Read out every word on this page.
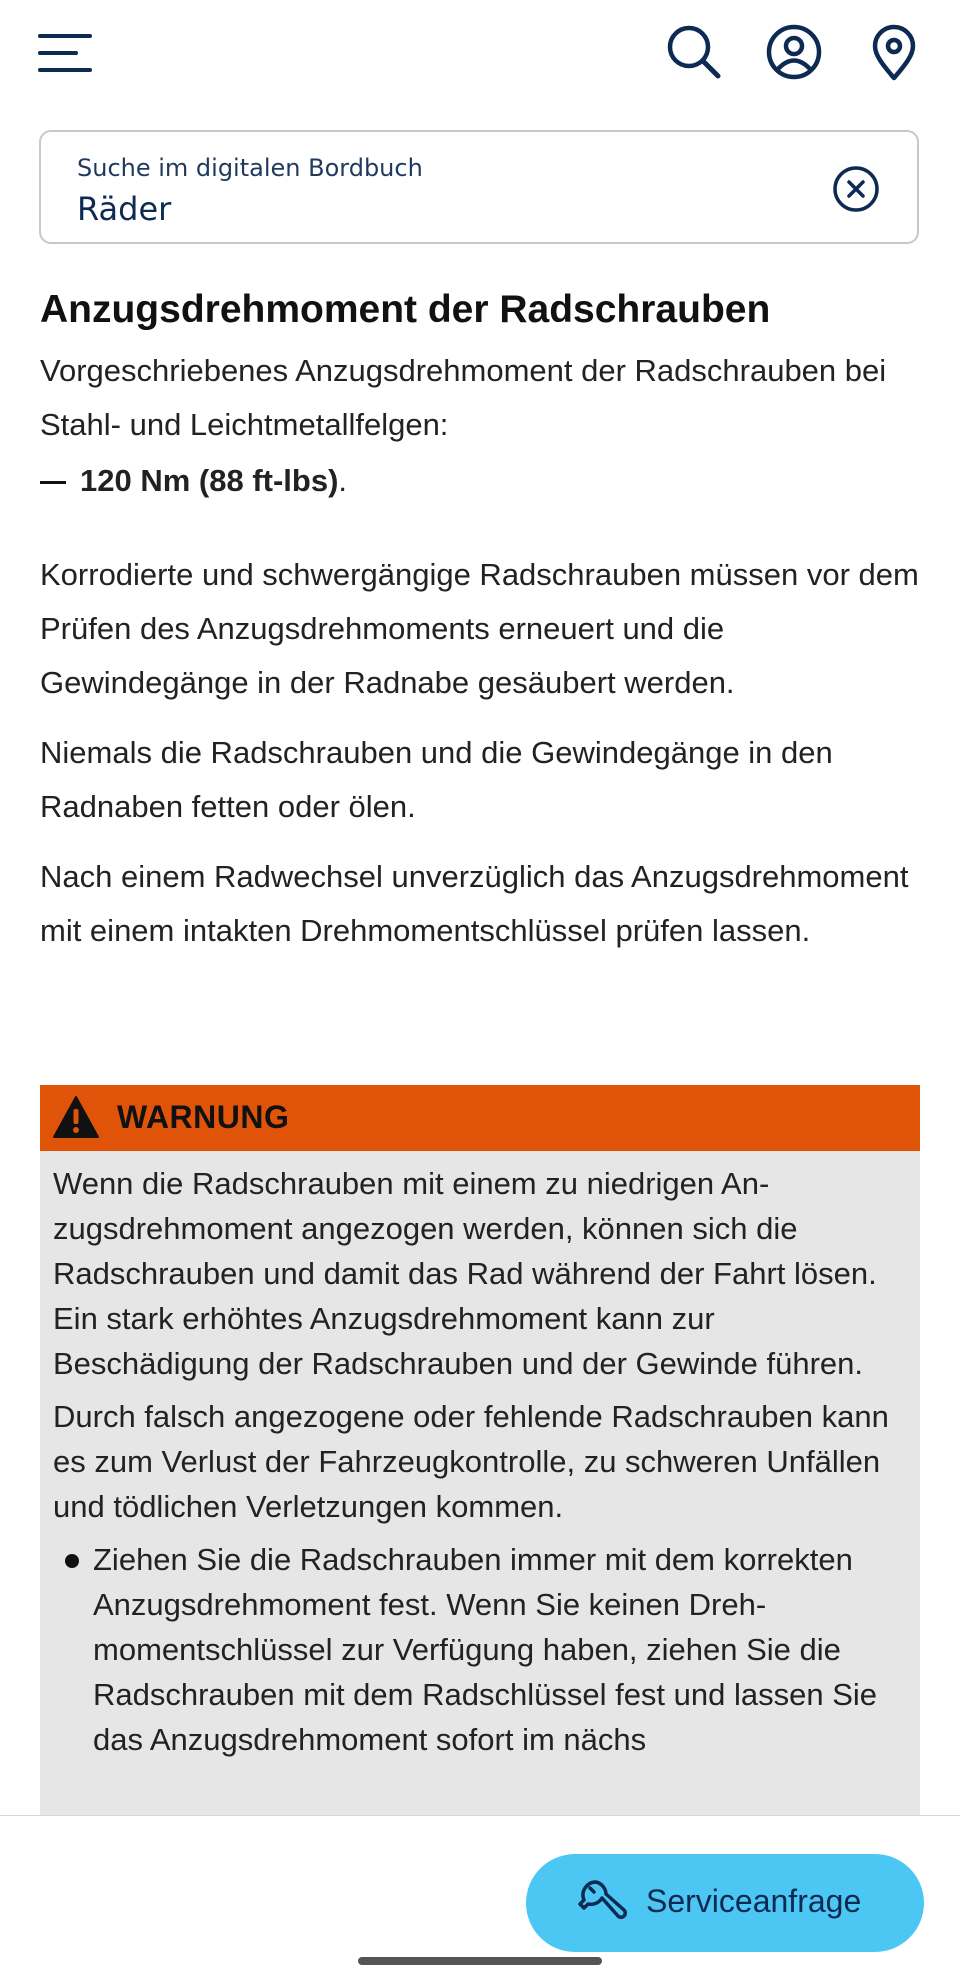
Suche im digitalen Bordbuch
Räder
Anzugsdrehmoment der Radschrauben

Vorgeschriebenes Anzugsdrehmoment der Radschrauben bei Stahl- und Leichtmetallfelgen:

120 Nm (88 ft-lbs).

Korrodierte und schwergängige Radschrauben müssen vor dem Prüfen des Anzugsdrehmoments erneuert und die Gewindegänge in der Radnabe gesäubert werden.

Niemals die Radschrauben und die Gewindegänge in den Radnaben fetten oder ölen.

Nach einem Radwechsel unverzüglich das Anzugsdrehmoment mit einem intakten Drehmomentschlüssel prüfen lassen.

WARNUNG

Wenn die Radschrauben mit einem zu niedrigen Anzugsdrehmoment angezogen werden, können sich die Radschrauben und damit das Rad während der Fahrt lösen. Ein stark erhöhtes Anzugsdrehmoment kann zur Beschädigung der Radschrauben und der Gewinde führen.

Durch falsch angezogene oder fehlende Radschrauben kann es zum Verlust der Fahrzeugkontrolle, zu schweren Unfällen und tödlichen Verletzungen kommen.

Ziehen Sie die Radschrauben immer mit dem korrekten Anzugsdrehmoment fest. Wenn Sie keinen Drehmomentschlüssel zur Verfügung haben, ziehen Sie die Radschrauben mit dem Radschlüssel fest und lassen Sie das Anzugsdrehmoment sofort im nächs
Serviceanfrage
